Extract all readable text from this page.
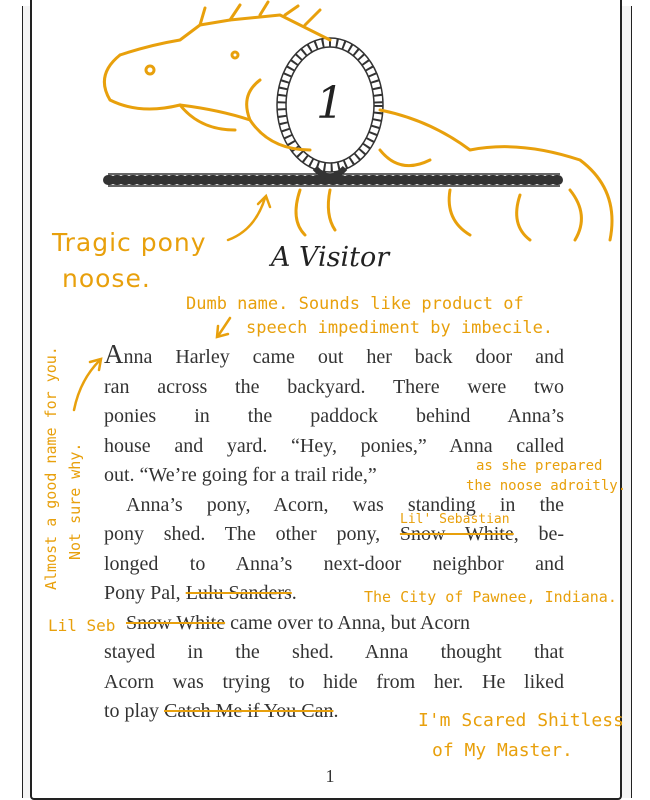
1
A Visitor
Anna Harley came out her back door and
ran across the backyard. There were two
ponies in the paddock behind Anna’s
house and yard. “Hey, ponies,” Anna called
out. “We’re going for a trail ride,”
Anna’s pony, Acorn, was standing in the
pony shed. The other pony, Snow White, be-
longed to Anna’s next-door neighbor and
Pony Pal, Lulu Sanders.
Snow White came over to Anna, but Acorn
stayed in the shed. Anna thought that
Acorn was trying to hide from her. He liked
to play Catch Me if You Can.
1
Tragic pony
noose.
Dumb name. Sounds like product of
speech impediment by imbecile.
Almost a good name for you. Not sure why.	as she prepared
the noose adroitly.
Lil' Sebastian
The City of Pawnee, Indiana.
Lil Seb
I'm Scared Shitless
of My Master.
